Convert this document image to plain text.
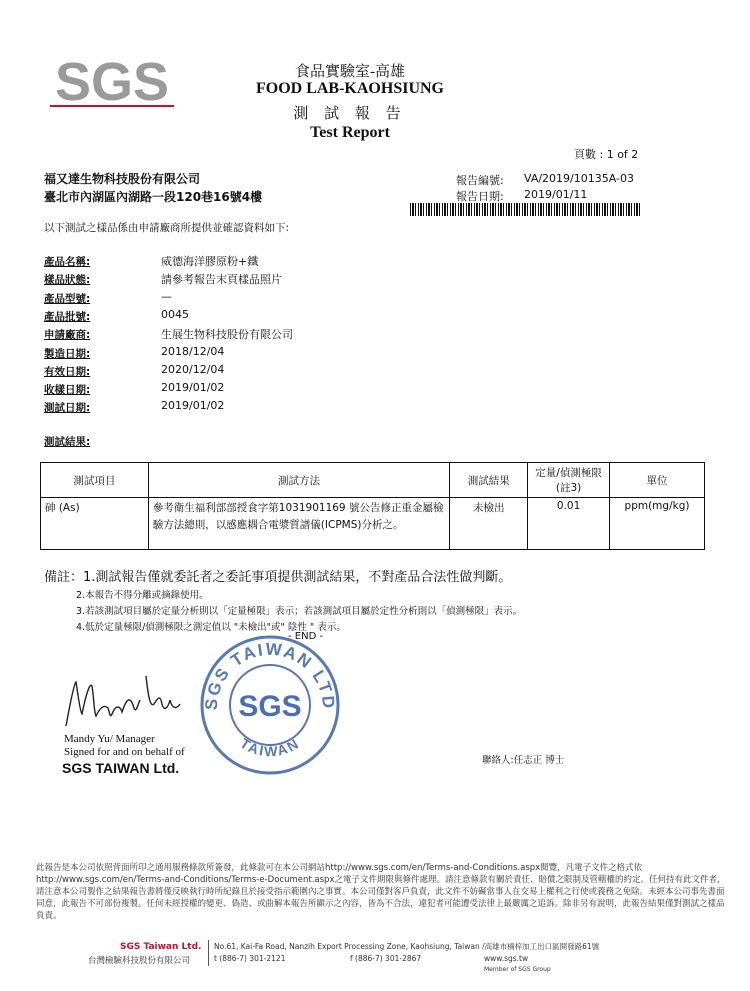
SGS	食品實驗室-高雄
FOOD LAB-KAOHSIUNG
測 試 報 告
Test Report
頁數 : 1 of 2
福又達生物科技股份有限公司
臺北市內湖區內湖路一段120巷16號4樓
報告編號: VA/2019/10135A-03
報告日期: 2019/01/11
以下測試之樣品係由申請廠商所提供並確認資料如下:
產品名稱:	威德海洋膠原粉+鐵
樣品狀態:	請參考報告末頁樣品照片
產品型號:	—
產品批號:	0045
申請廠商:	生展生物科技股份有限公司
製造日期:	2018/12/04
有效日期:	2020/12/04
收樣日期:	2019/01/02
測試日期:	2019/01/02
測試結果:
測試項目	測試方法	測試結果	定量/偵測極限(註3)	單位
砷 (As)	參考衛生福利部部授食字第1031901169 號公告修正重金屬檢驗方法總則，以感應耦合電漿質譜儀(ICPMS)分析之。	未檢出	0.01	ppm(mg/kg)
備註：1.測試報告僅就委託者之委託事項提供測試結果，不對產品合法性做判斷。
2.本報告不得分離或摘錄使用。
3.若該測試項目屬於定量分析則以「定量極限」表示；若該測試項目屬於定性分析則以「偵測極限」表示。
4.低於定量極限/偵測極限之測定值以 "未檢出"或" 陰性 " 表示。
- END -
Mandy Yu/ Manager
Signed for and on behalf of
SGS TAIWAN Ltd.
SGS TAIWAN LTD
SGS
TAIWAN
聯絡人:任志正 博士
此報告是本公司依照背面所印之通用服務條款所簽發，此條款可在本公司網站http://www.sgs.com/en/Terms-and-Conditions.aspx閱覽，凡電子文件之格式依http://www.sgs.com/en/Terms-and-Conditions/Terms-e-Document.aspx之電子文件期限與條件處理。請注意條款有關於責任、賠償之限制及管轄權的約定。任何持有此文件者，請注意本公司製作之結果報告書將僅反映執行時所紀錄且於接受指示範圍內之事實。本公司僅對客戶負責，此文件不妨礙當事人在交易上權利之行使或義務之免除。未經本公司事先書面同意，此報告不可部份複製。任何未經授權的變更、偽造、或曲解本報告所顯示之內容，皆為不合法，違犯者可能遭受法律上最嚴厲之追訴。除非另有說明，此報告結果僅對測試之樣品負責。
SGS Taiwan Ltd.
台灣檢驗科技股份有限公司
No.61, Kai-Fa Road, Nanzih Export Processing Zone, Kaohsiung, Taiwan /高雄市楠梓加工出口區開發路61號
t (886-7) 301-2121	f (886-7) 301-2867	www.sgs.tw
Member of SGS Group
